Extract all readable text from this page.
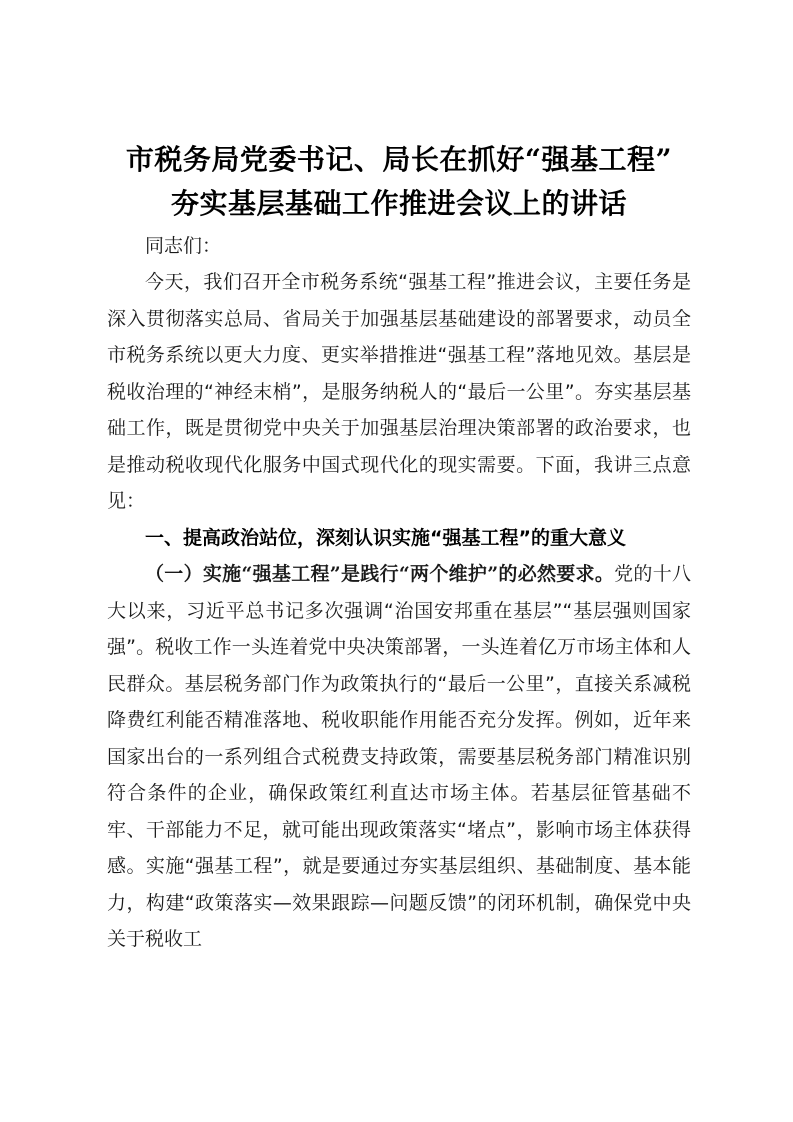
市税务局党委书记、局长在抓好“强基工程”
夯实基层基础工作推进会议上的讲话
同志们：

今天，我们召开全市税务系统“强基工程”推进会议，主要任务是深入贯彻落实总局、省局关于加强基层基础建设的部署要求，动员全市税务系统以更大力度、更实举措推进“强基工程”落地见效。基层是税收治理的“神经末梢”，是服务纳税人的“最后一公里”。夯实基层基础工作，既是贯彻党中央关于加强基层治理决策部署的政治要求，也是推动税收现代化服务中国式现代化的现实需要。下面，我讲三点意见：

一、提高政治站位，深刻认识实施“强基工程”的重大意义

（一）实施“强基工程”是践行“两个维护”的必然要求。党的十八大以来，习近平总书记多次强调“治国安邦重在基层”“基层强则国家强”。税收工作一头连着党中央决策部署，一头连着亿万市场主体和人民群众。基层税务部门作为政策执行的“最后一公里”，直接关系减税降费红利能否精准落地、税收职能作用能否充分发挥。例如，近年来国家出台的一系列组合式税费支持政策，需要基层税务部门精准识别符合条件的企业，确保政策红利直达市场主体。若基层征管基础不牢、干部能力不足，就可能出现政策落实“堵点”，影响市场主体获得感。实施“强基工程”，就是要通过夯实基层组织、基础制度、基本能力，构建“政策落实—效果跟踪—问题反馈”的闭环机制，确保党中央关于税收工
